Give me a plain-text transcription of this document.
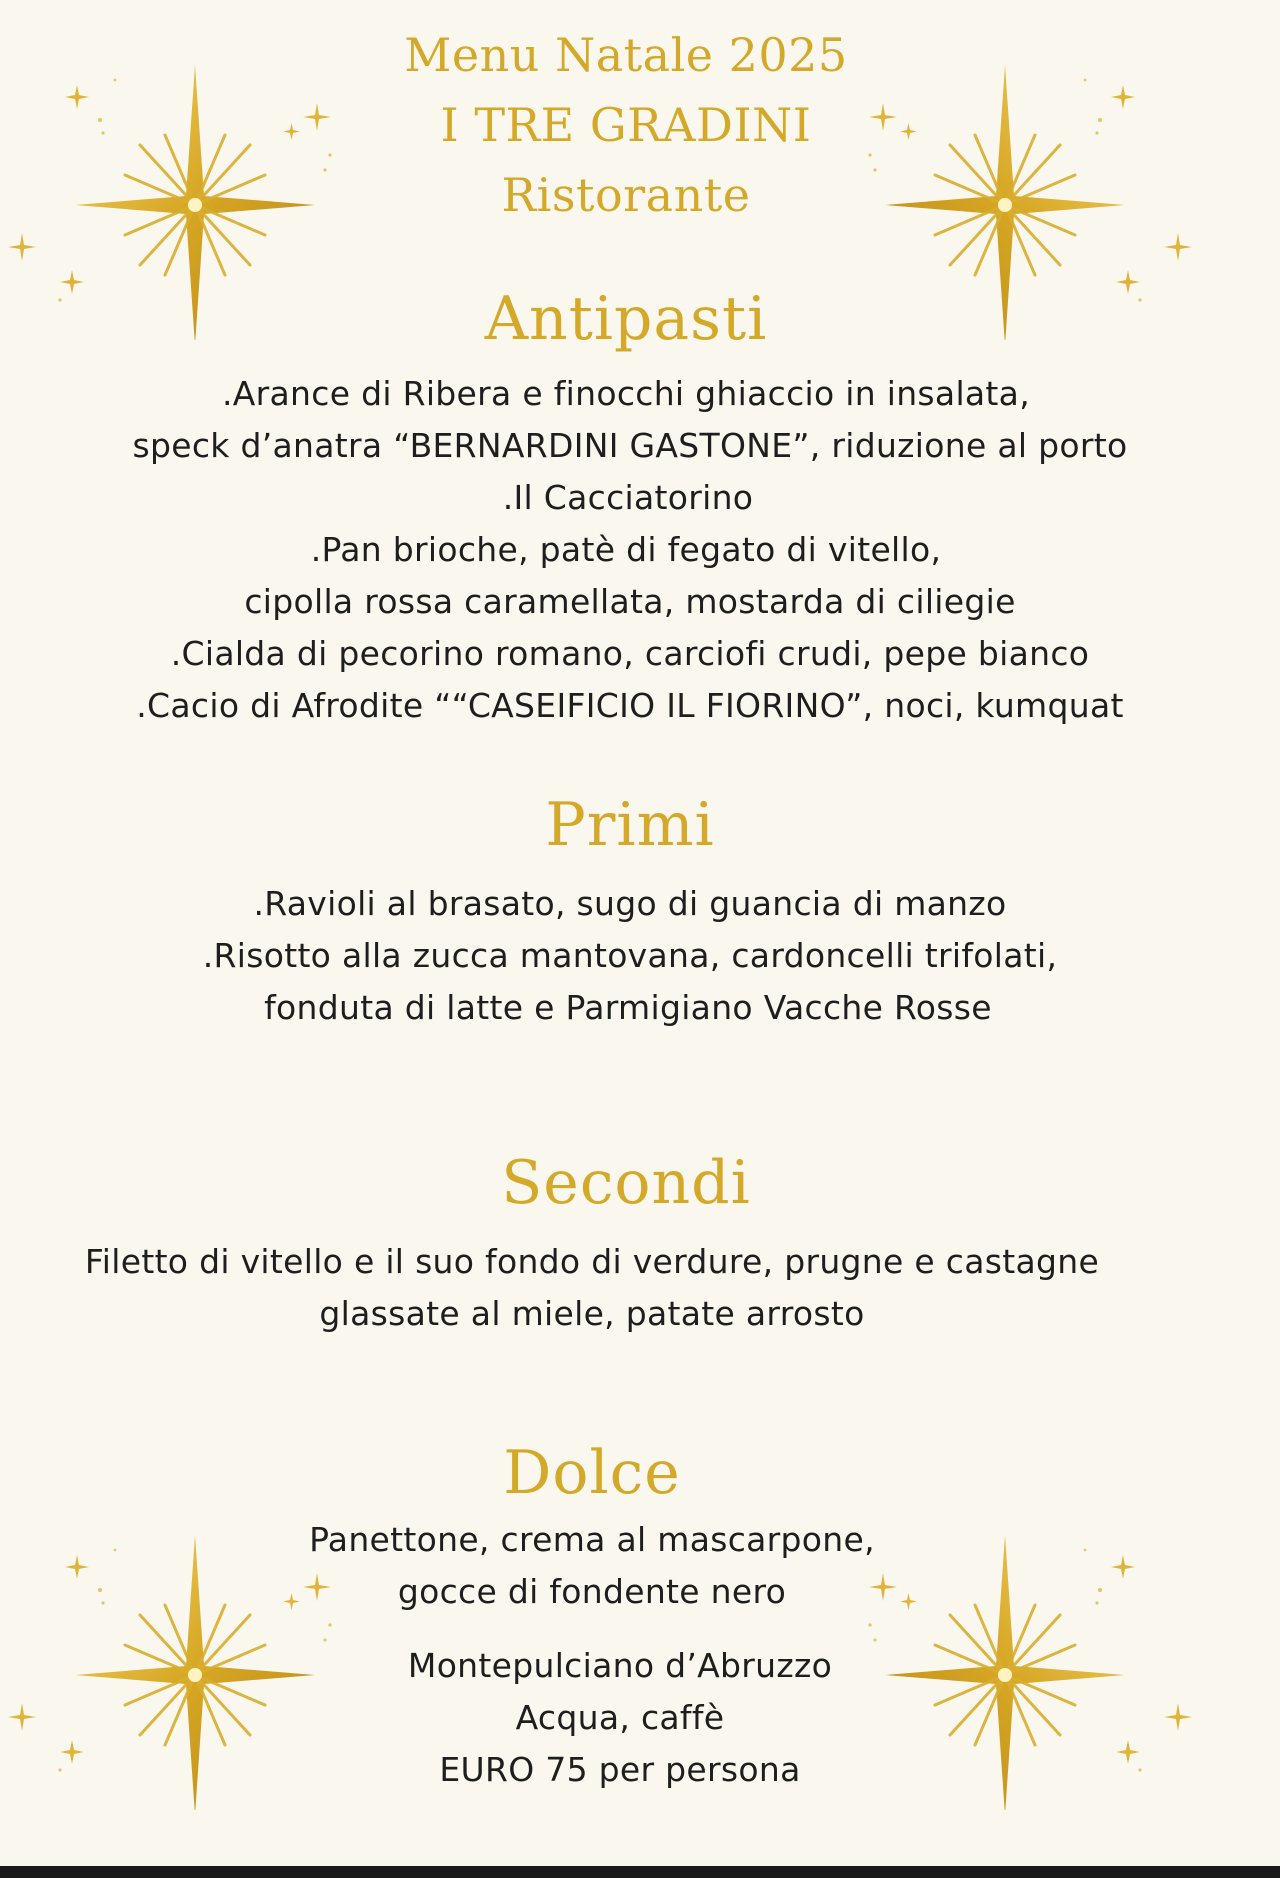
Menu Natale 2025
I TRE GRADINI
Ristorante
Antipasti
.Arance di Ribera e finocchi ghiaccio in insalata,
speck d’anatra “BERNARDINI GASTONE”, riduzione al porto
.Il Cacciatorino
.Pan brioche, patè di fegato di vitello,
cipolla rossa caramellata, mostarda di ciliegie
.Cialda di pecorino romano, carciofi crudi, pepe bianco
.Cacio di Afrodite ““CASEIFICIO IL FIORINO”, noci, kumquat
Primi
.Ravioli al brasato, sugo di guancia di manzo
.Risotto alla zucca mantovana, cardoncelli trifolati,
fonduta di latte e Parmigiano Vacche Rosse
Secondi
Filetto di vitello e il suo fondo di verdure, prugne e castagne
glassate al miele, patate arrosto
Dolce
Panettone, crema al mascarpone,
gocce di fondente nero
Montepulciano d’Abruzzo
Acqua, caffè
EURO 75 per persona
